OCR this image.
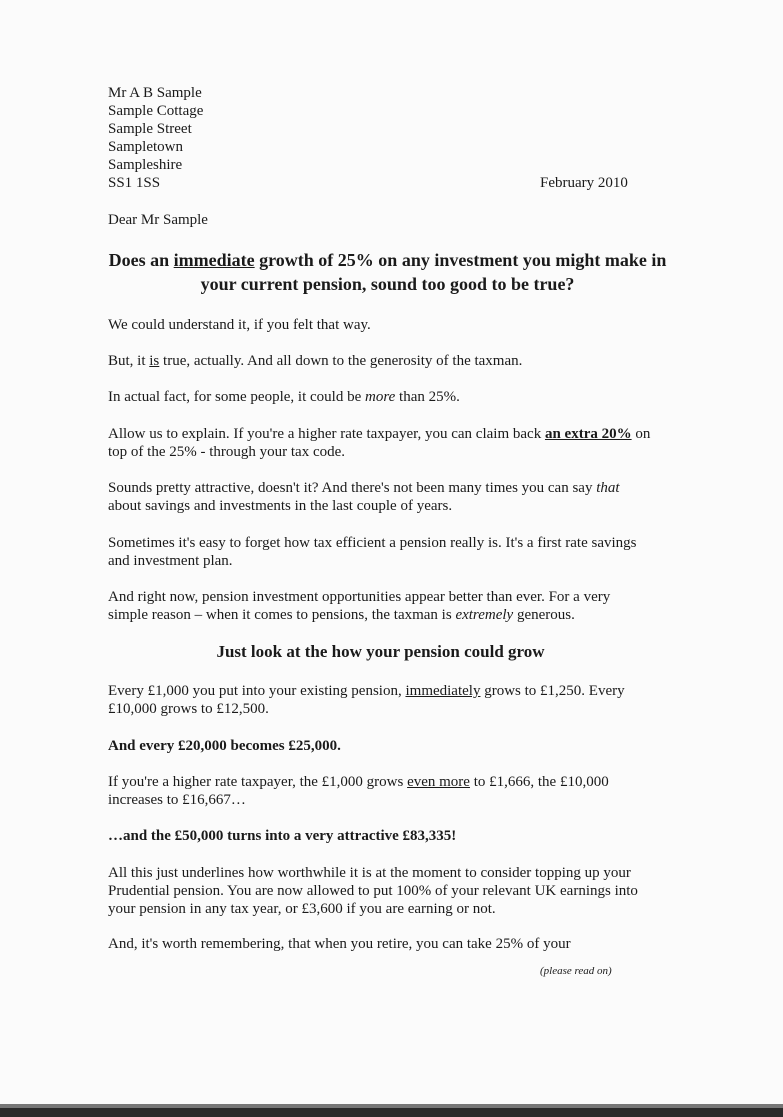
Mr A B Sample
Sample Cottage
Sample Street
Sampletown
Sampleshire
SS1 1SS	February 2010
Dear Mr Sample
Does an immediate growth of 25% on any investment you might make in your current pension, sound too good to be true?
We could understand it, if you felt that way.
But, it is true, actually. And all down to the generosity of the taxman.
In actual fact, for some people, it could be more than 25%.
Allow us to explain. If you're a higher rate taxpayer, you can claim back an extra 20% on top of the 25% - through your tax code.
Sounds pretty attractive, doesn't it? And there's not been many times you can say that about savings and investments in the last couple of years.
Sometimes it's easy to forget how tax efficient a pension really is. It's a first rate savings and investment plan.
And right now, pension investment opportunities appear better than ever. For a very simple reason – when it comes to pensions, the taxman is extremely generous.
Just look at the how your pension could grow
Every £1,000 you put into your existing pension, immediately grows to £1,250. Every £10,000 grows to £12,500.
And every £20,000 becomes £25,000.
If you're a higher rate taxpayer, the £1,000 grows even more to £1,666, the £10,000 increases to £16,667…
…and the £50,000 turns into a very attractive £83,335!
All this just underlines how worthwhile it is at the moment to consider topping up your Prudential pension. You are now allowed to put 100% of your relevant UK earnings into your pension in any tax year, or £3,600 if you are earning or not.
And, it's worth remembering, that when you retire, you can take 25% of your
(please read on)
